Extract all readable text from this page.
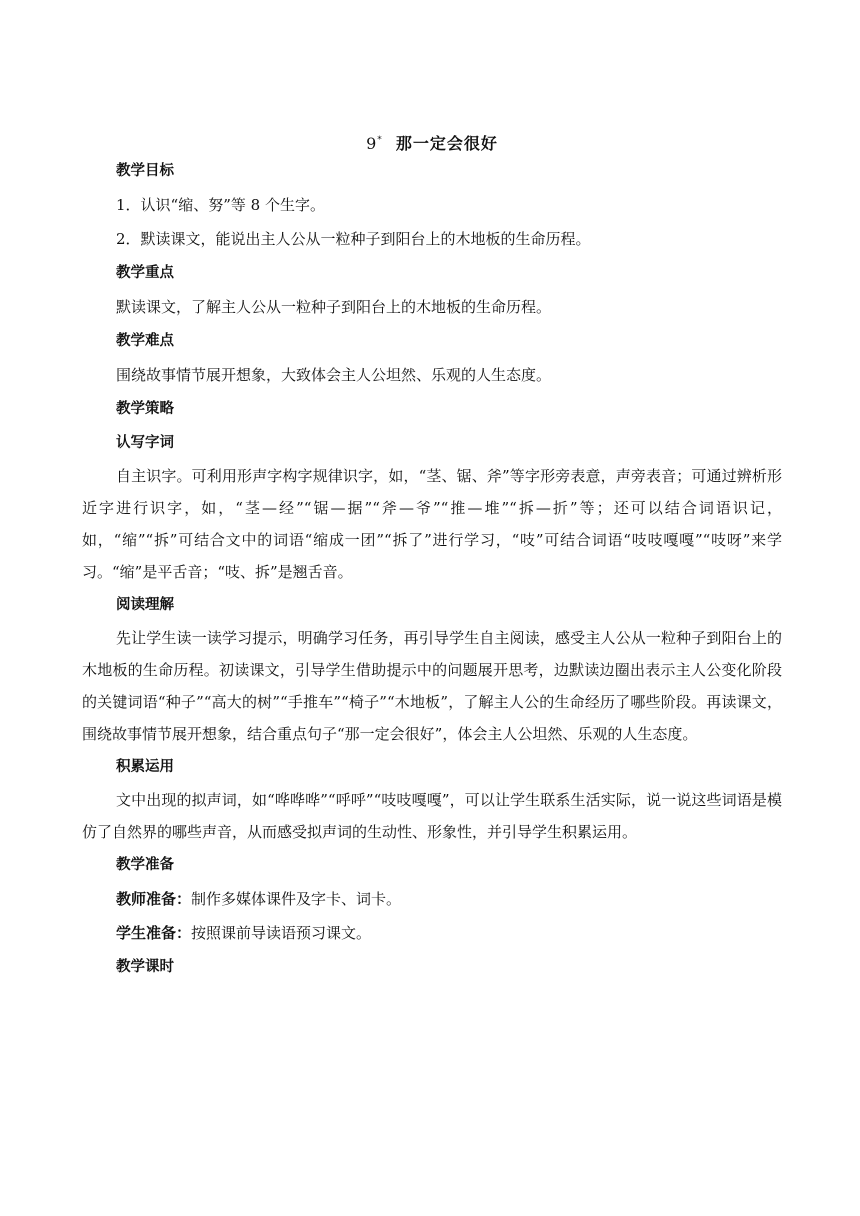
9* 那一定会很好
教学目标
1．认识“缩、努”等 8 个生字。
2．默读课文，能说出主人公从一粒种子到阳台上的木地板的生命历程。
教学重点
默读课文，了解主人公从一粒种子到阳台上的木地板的生命历程。
教学难点
围绕故事情节展开想象，大致体会主人公坦然、乐观的人生态度。
教学策略
认写字词

自主识字。可利用形声字构字规律识字，如，“茎、锯、斧”等字形旁表意，声旁表音；可通过辨析形近字进行识字，如，“茎—经”“锯—据”“斧—爷”“推—堆”“拆—折”等；还可以结合词语识记，如，“缩”“拆”可结合文中的词语“缩成一团”“拆了”进行学习，“吱”可结合词语“吱吱嘎嘎”“吱呀”来学习。“缩”是平舌音；“吱、拆”是翘舌音。

阅读理解

先让学生读一读学习提示，明确学习任务，再引导学生自主阅读，感受主人公从一粒种子到阳台上的木地板的生命历程。初读课文，引导学生借助提示中的问题展开思考，边默读边圈出表示主人公变化阶段的关键词语“种子”“高大的树”“手推车”“椅子”“木地板”，了解主人公的生命经历了哪些阶段。再读课文，围绕故事情节展开想象，结合重点句子“那一定会很好”，体会主人公坦然、乐观的人生态度。

积累运用

文中出现的拟声词，如“哗哗哗”“呼呼”“吱吱嘎嘎”，可以让学生联系生活实际，说一说这些词语是模仿了自然界的哪些声音，从而感受拟声词的生动性、形象性，并引导学生积累运用。

教学准备
教师准备：制作多媒体课件及字卡、词卡。
学生准备：按照课前导读语预习课文。
教学课时
